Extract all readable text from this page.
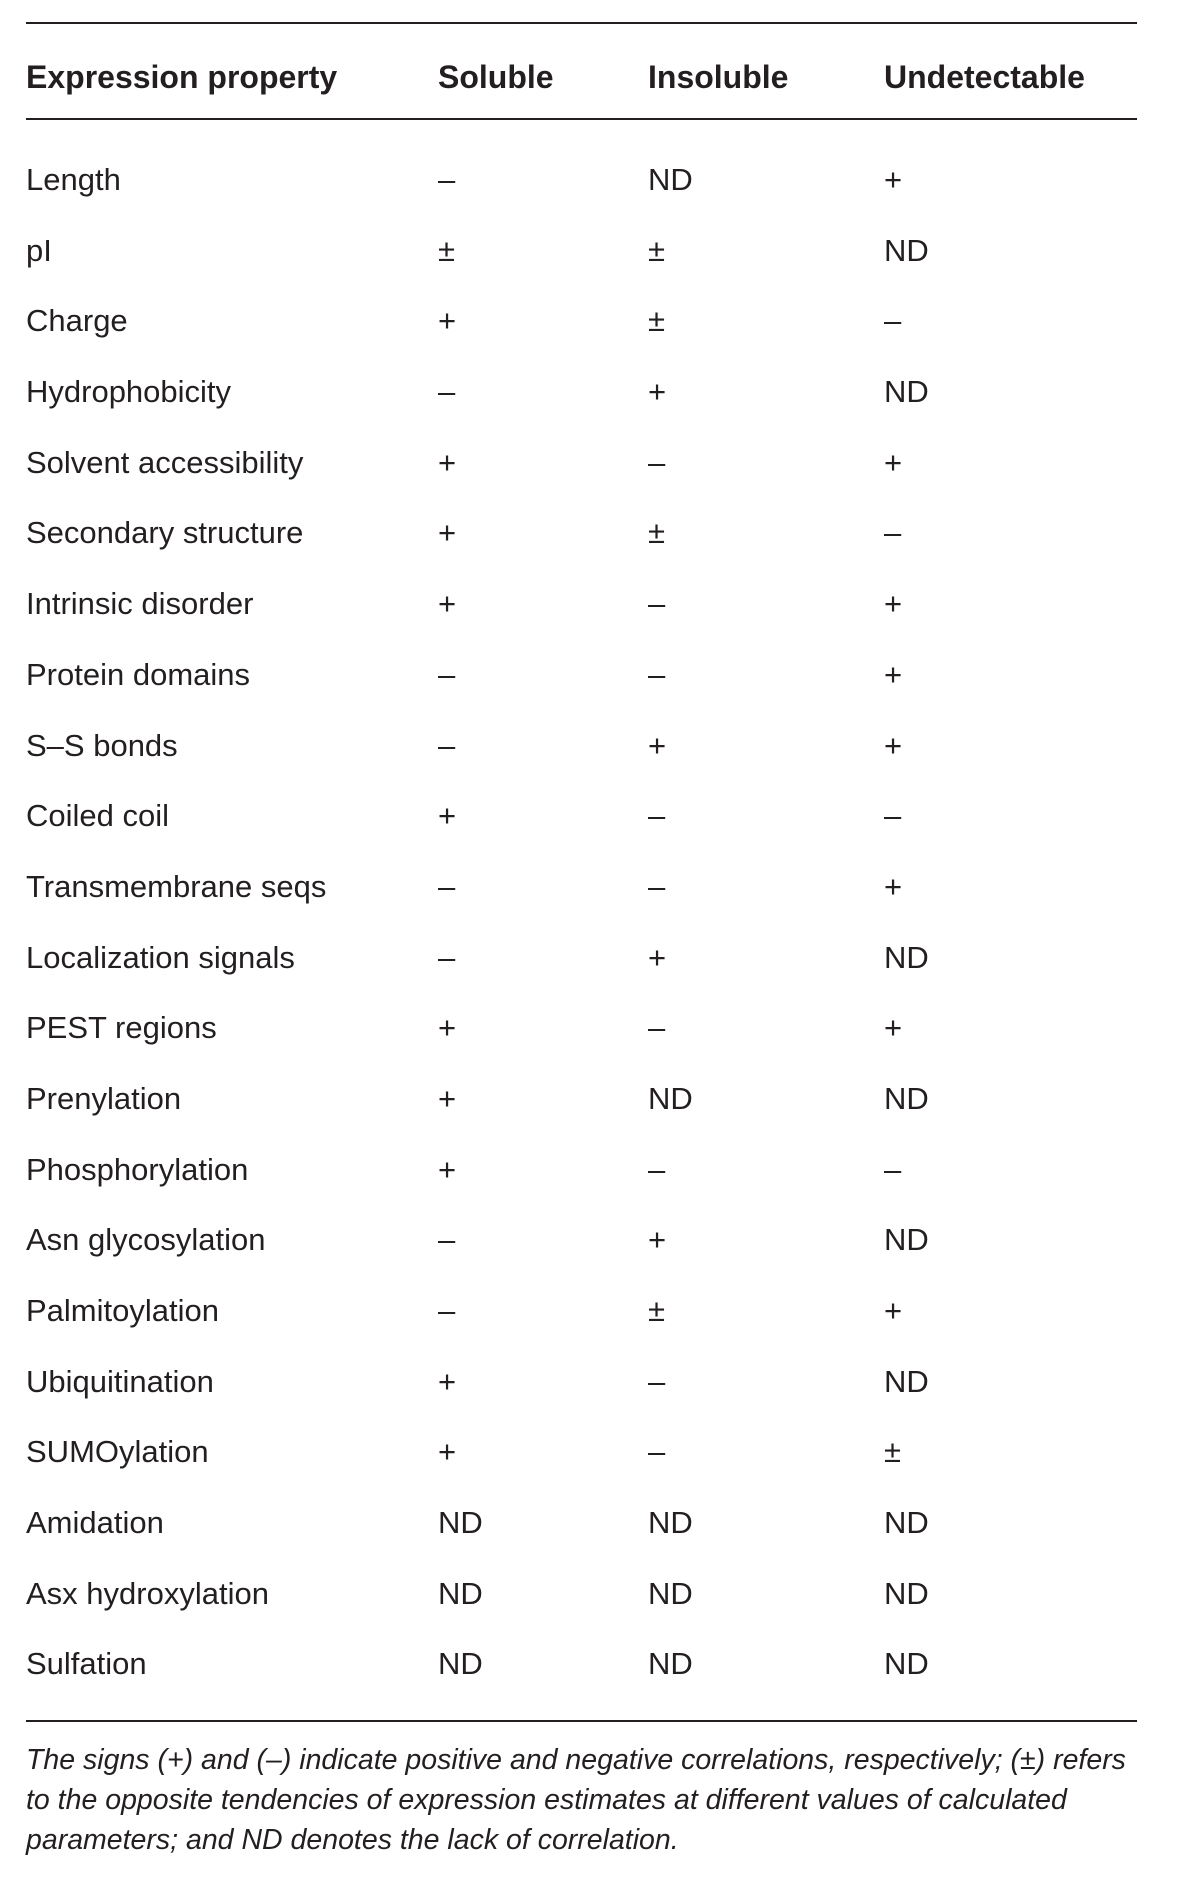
Expression property	Soluble	Insoluble	Undetectable
Length	–	ND	+
pI	±	±	ND
Charge	+	±	–
Hydrophobicity	–	+	ND
Solvent accessibility	+	–	+
Secondary structure	+	±	–
Intrinsic disorder	+	–	+
Protein domains	–	–	+
S–S bonds	–	+	+
Coiled coil	+	–	–
Transmembrane seqs	–	–	+
Localization signals	–	+	ND
PEST regions	+	–	+
Prenylation	+	ND	ND
Phosphorylation	+	–	–
Asn glycosylation	–	+	ND
Palmitoylation	–	±	+
Ubiquitination	+	–	ND
SUMOylation	+	–	±
Amidation	ND	ND	ND
Asx hydroxylation	ND	ND	ND
Sulfation	ND	ND	ND
The signs (+) and (–) indicate positive and negative correlations, respectively; (±) refers to the opposite tendencies of expression estimates at different values of calculated parameters; and ND denotes the lack of correlation.
